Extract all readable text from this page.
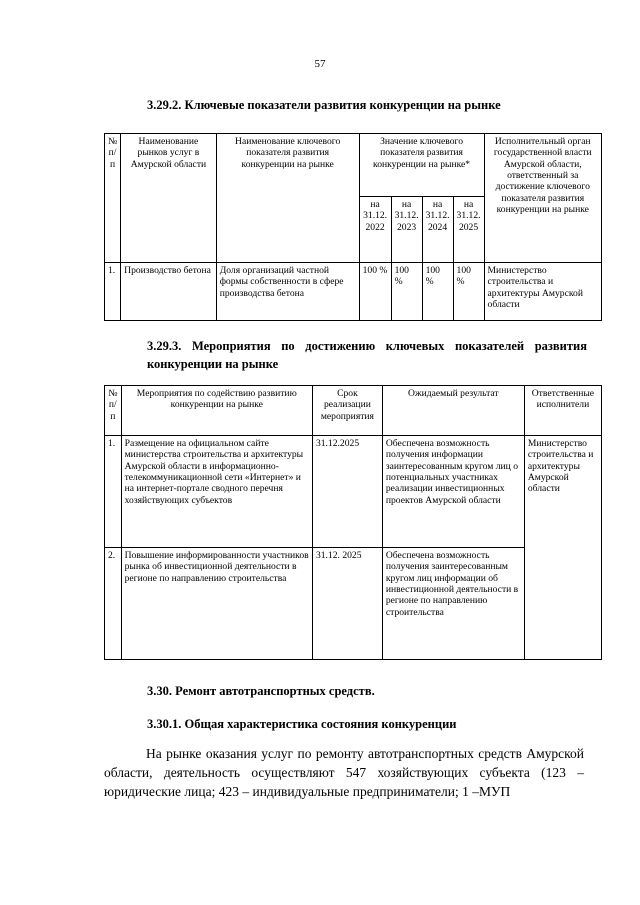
57
3.29.2. Ключевые показатели развития конкуренции на рынке
№ п/п	Наименование рынков услуг в Амурской области	Наименование ключевого показателя развития конкуренции на рынке	Значение ключевого показателя развития конкуренции на рынке*				Исполнительный орган государственной власти Амурской области, ответственный за достижение ключевого показателя развития конкуренции на рынке
			на 31.12. 2022	на 31.12. 2023	на 31.12. 2024	на 31.12. 2025	
1.	Производство бетона	Доля организаций частной формы собственности в сфере производства бетона	100 %	100 %	100 %	100 %	Министерство строительства и архитектуры Амурской области
3.29.3. Мероприятия по достижению ключевых показателей развития конкуренции на рынке
№ п/п	Мероприятия по содействию развитию конкуренции на рынке	Срок реализации мероприятия	Ожидаемый результат	Ответственные исполнители
1.	Размещение на официальном сайте министерства строительства и архитектуры Амурской области в информационно-телекоммуникационной сети «Интернет» и на интернет-портале сводного перечня хозяйствующих субъектов	31.12.2025	Обеспечена возможность получения информации заинтересованным кругом лиц о потенциальных участниках реализации инвестиционных проектов Амурской области	Министерство строительства и архитектуры Амурской области
2.	Повышение информированности участников рынка об инвестиционной деятельности в регионе по направлению строительства	31.12. 2025	Обеспечена возможность получения заинтересованным кругом лиц информации об инвестиционной деятельности в регионе по направлению строительства	
3.30. Ремонт автотранспортных средств.
3.30.1. Общая характеристика состояния конкуренции
На рынке оказания услуг по ремонту автотранспортных средств Амурской области, деятельность осуществляют 547 хозяйствующих субъекта (123 – юридические лица; 423 – индивидуальные предприниматели; 1 –МУП
